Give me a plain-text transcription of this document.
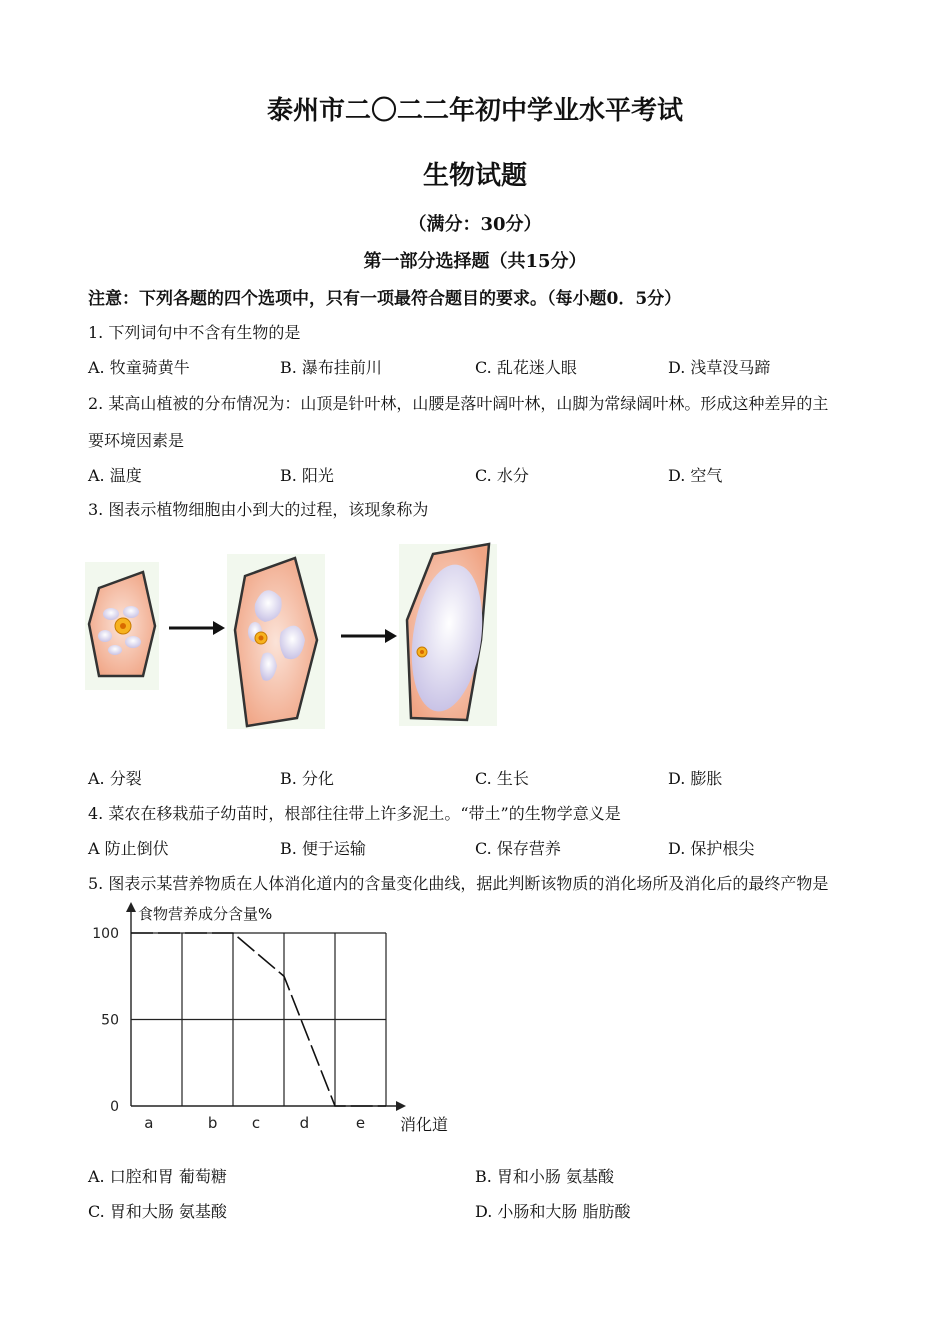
泰州市二〇二二年初中学业水平考试
生物试题
（满分：30分）
第一部分选择题（共15分）
注意：下列各题的四个选项中，只有一项最符合题目的要求。（每小题0．5分）
1. 下列词句中不含有生物的是
A. 牧童骑黄牛	B. 瀑布挂前川	C. 乱花迷人眼	D. 浅草没马蹄
2. 某高山植被的分布情况为：山顶是针叶林，山腰是落叶阔叶林，山脚为常绿阔叶林。形成这种差异的主
要环境因素是
A. 温度	B. 阳光	C. 水分	D. 空气
3. 图表示植物细胞由小到大的过程，该现象称为
A. 分裂	B. 分化	C. 生长	D. 膨胀
4. 菜农在移栽茄子幼苗时，根部往往带上许多泥土。“带土”的生物学意义是
A 防止倒伏	B. 便于运输	C. 保存营养	D. 保护根尖
5. 图表示某营养物质在人体消化道内的含量变化曲线，据此判断该物质的消化场所及消化后的最终产物是
0
50
100
a	b c	d	e
食物营养成分含量%
消化道
A. 口腔和胃 葡萄糖	B. 胃和小肠 氨基酸
C. 胃和大肠 氨基酸	D. 小肠和大肠 脂肪酸
